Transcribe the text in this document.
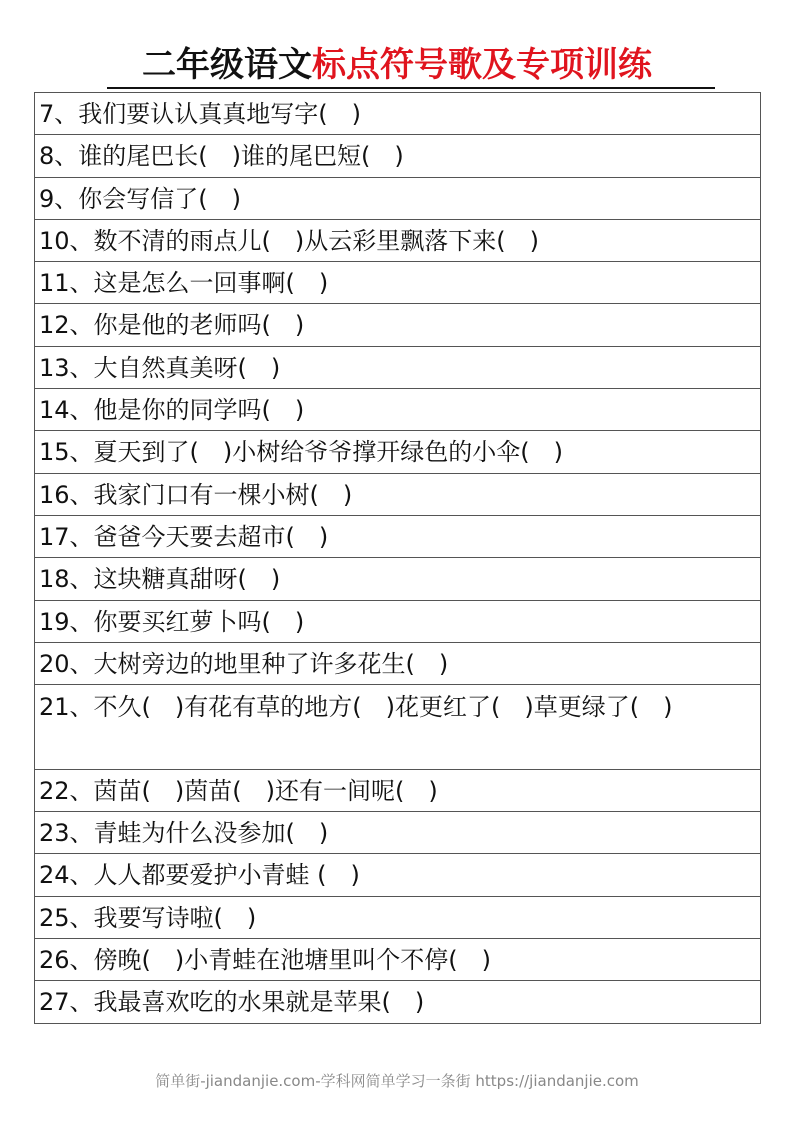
二年级语文标点符号歌及专项训练
7、我们要认认真真地写字(　)
8、谁的尾巴长(　)谁的尾巴短(　)
9、你会写信了(　)
10、数不清的雨点儿(　)从云彩里飘落下来(　)
11、这是怎么一回事啊(　)
12、你是他的老师吗(　)
13、大自然真美呀(　)
14、他是你的同学吗(　)
15、夏天到了(　)小树给爷爷撑开绿色的小伞(　)
16、我家门口有一棵小树(　)
17、爸爸今天要去超市(　)
18、这块糖真甜呀(　)
19、你要买红萝卜吗(　)
20、大树旁边的地里种了许多花生(　)
21、不久(　)有花有草的地方(　)花更红了(　)草更绿了(　)
22、茵苗(　)茵苗(　)还有一间呢(　)
23、青蛙为什么没参加(　)
24、人人都要爱护小青蛙 (　)
25、我要写诗啦(　)
26、傍晚(　)小青蛙在池塘里叫个不停(　)
27、我最喜欢吃的水果就是苹果(　)
简单街-jiandanjie.com-学科网简单学习一条街 https://jiandanjie.com
